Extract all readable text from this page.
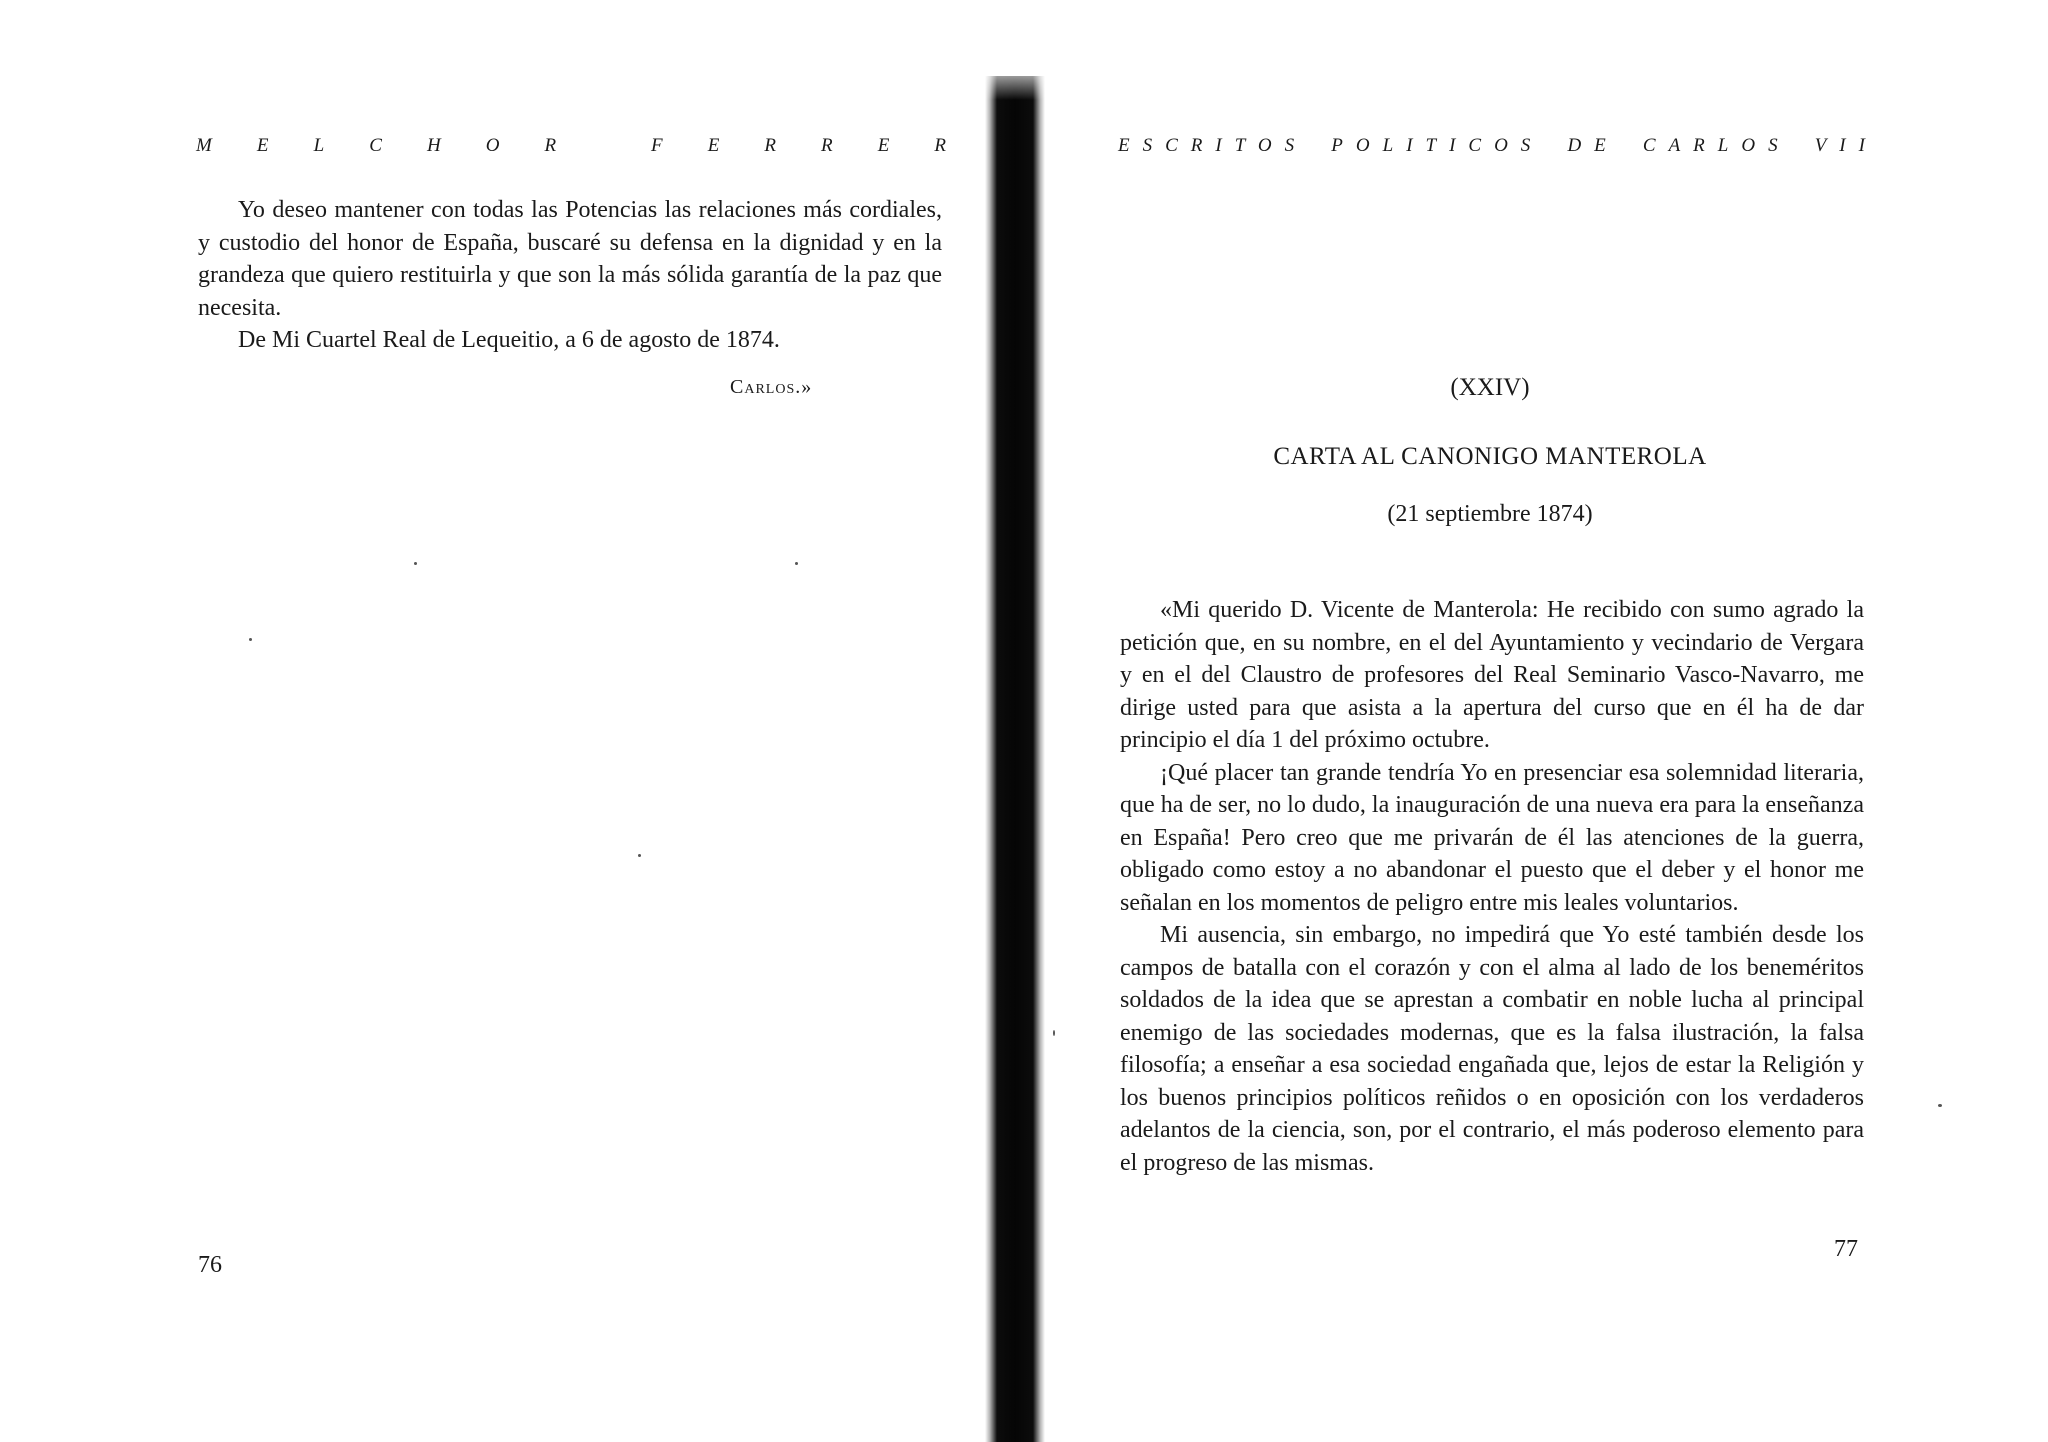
M E L C H O R
	F E R R E R

Yo deseo mantener con todas las Potencias las relaciones más cordiales, y custodio del honor de España, buscaré su defensa en la dignidad y en la grandeza que quiero restituirla y que son la más sólida garantía de la paz que necesita.

De Mi Cuartel Real de Lequeitio, a 6 de agosto de 1874.

Carlos.»
76
ESCRITOS POLITICOS DE CARLOS VII
(XXIV)
CARTA AL CANONIGO MANTEROLA
(21 septiembre 1874)

«Mi querido D. Vicente de Manterola: He recibido con sumo agrado la petición que, en su nombre, en el del Ayuntamiento y vecindario de Vergara y en el del Claustro de profesores del Real Seminario Vasco-Navarro, me dirige usted para que asista a la apertura del curso que en él ha de dar principio el día 1 del próximo octubre.

¡Qué placer tan grande tendría Yo en presenciar esa solemnidad literaria, que ha de ser, no lo dudo, la inauguración de una nueva era para la enseñanza en España! Pero creo que me privarán de él las atenciones de la guerra, obligado como estoy a no abandonar el puesto que el deber y el honor me señalan en los momentos de peligro entre mis leales voluntarios.

Mi ausencia, sin embargo, no impedirá que Yo esté también desde los campos de batalla con el corazón y con el alma al lado de los beneméritos soldados de la idea que se aprestan a combatir en noble lucha al principal enemigo de las sociedades modernas, que es la falsa ilustración, la falsa filosofía; a enseñar a esa sociedad engañada que, lejos de estar la Religión y los buenos principios políticos reñidos o en oposición con los verdaderos adelantos de la ciencia, son, por el contrario, el más poderoso elemento para el progreso de las mismas.

77
